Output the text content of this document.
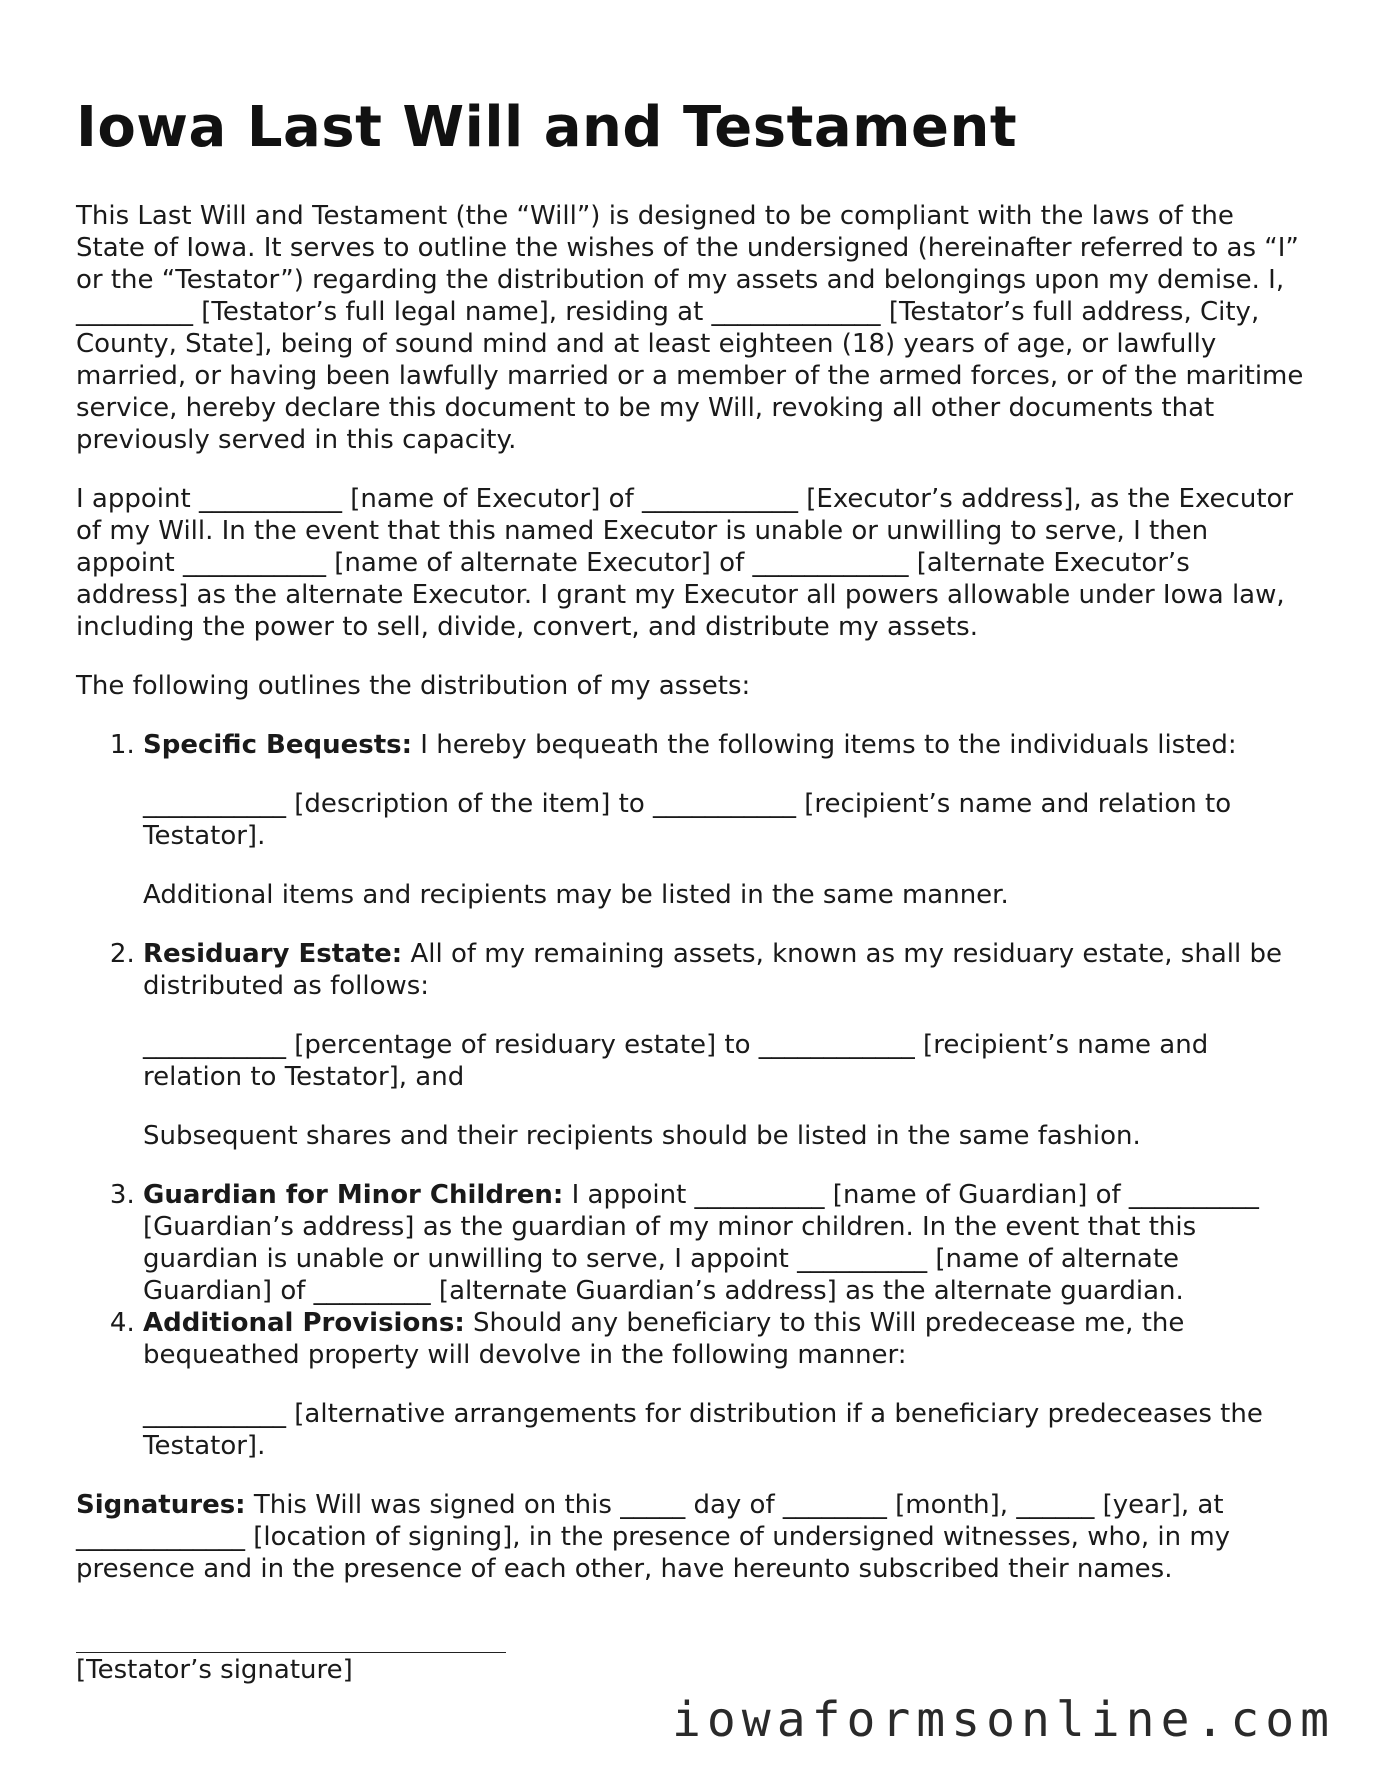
Iowa Last Will and Testament

This Last Will and Testament (the “Will”) is designed to be compliant with the laws of the State of Iowa. It serves to outline the wishes of the undersigned (hereinafter referred to as “I” or the “Testator”) regarding the distribution of my assets and belongings upon my demise. I, _________ [Testator’s full legal name], residing at _____________ [Testator’s full address, City, County, State], being of sound mind and at least eighteen (18) years of age, or lawfully married, or having been lawfully married or a member of the armed forces, or of the maritime service, hereby declare this document to be my Will, revoking all other documents that previously served in this capacity.

I appoint ___________ [name of Executor] of ____________ [Executor’s address], as the Executor of my Will. In the event that this named Executor is unable or unwilling to serve, I then appoint ___________ [name of alternate Executor] of ____________ [alternate Executor’s address] as the alternate Executor. I grant my Executor all powers allowable under Iowa law, including the power to sell, divide, convert, and distribute my assets.

The following outlines the distribution of my assets:

1. Specific Bequests: I hereby bequeath the following items to the individuals listed:

___________ [description of the item] to ___________ [recipient’s name and relation to Testator].

Additional items and recipients may be listed in the same manner.

2. Residuary Estate: All of my remaining assets, known as my residuary estate, shall be distributed as follows:

___________ [percentage of residuary estate] to ____________ [recipient’s name and relation to Testator], and

Subsequent shares and their recipients should be listed in the same fashion.

3. Guardian for Minor Children: I appoint __________ [name of Guardian] of __________ [Guardian’s address] as the guardian of my minor children. In the event that this guardian is unable or unwilling to serve, I appoint __________ [name of alternate Guardian] of _________ [alternate Guardian’s address] as the alternate guardian.

4. Additional Provisions: Should any beneficiary to this Will predecease me, the bequeathed property will devolve in the following manner:

___________ [alternative arrangements for distribution if a beneficiary predeceases the Testator].

Signatures: This Will was signed on this _____ day of ________ [month], ______ [year], at _____________ [location of signing], in the presence of undersigned witnesses, who, in my presence and in the presence of each other, have hereunto subscribed their names.

[Testator’s signature]

iowaformsonline.com
